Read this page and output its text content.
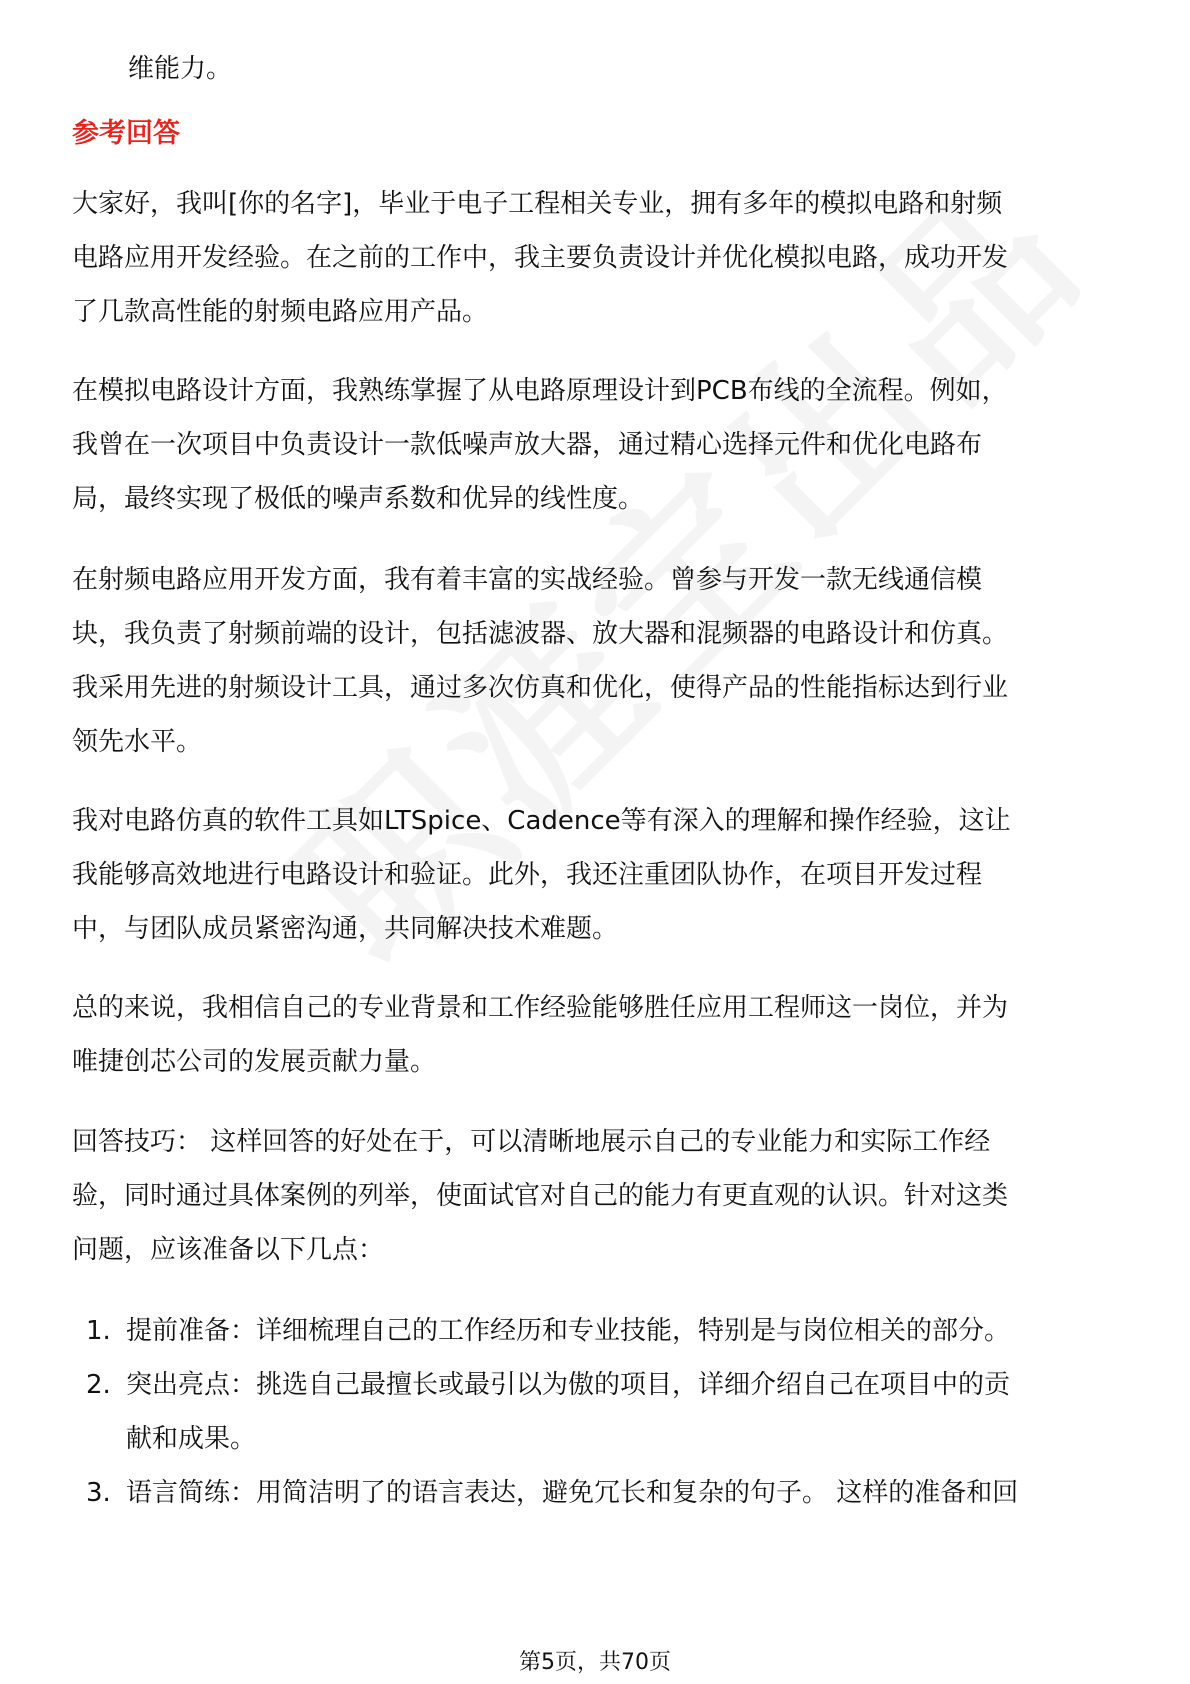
维能力。
参考回答
大家好，我叫[你的名字]，毕业于电子工程相关专业，拥有多年的模拟电路和射频
电路应用开发经验。在之前的工作中，我主要负责设计并优化模拟电路，成功开发
了几款高性能的射频电路应用产品。
在模拟电路设计方面，我熟练掌握了从电路原理设计到PCB布线的全流程。例如，
我曾在一次项目中负责设计一款低噪声放大器，通过精心选择元件和优化电路布
局，最终实现了极低的噪声系数和优异的线性度。
在射频电路应用开发方面，我有着丰富的实战经验。曾参与开发一款无线通信模
块，我负责了射频前端的设计，包括滤波器、放大器和混频器的电路设计和仿真。
我采用先进的射频设计工具，通过多次仿真和优化，使得产品的性能指标达到行业
领先水平。
我对电路仿真的软件工具如LTSpice、Cadence等有深入的理解和操作经验，这让
我能够高效地进行电路设计和验证。此外，我还注重团队协作，在项目开发过程
中，与团队成员紧密沟通，共同解决技术难题。
总的来说，我相信自己的专业背景和工作经验能够胜任应用工程师这一岗位，并为
唯捷创芯公司的发展贡献力量。
回答技巧： 这样回答的好处在于，可以清晰地展示自己的专业能力和实际工作经
验，同时通过具体案例的列举，使面试官对自己的能力有更直观的认识。针对这类
问题，应该准备以下几点：
1. 提前准备：详细梳理自己的工作经历和专业技能，特别是与岗位相关的部分。
2. 突出亮点：挑选自己最擅长或最引以为傲的项目，详细介绍自己在项目中的贡
献和成果。
3. 语言简练：用简洁明了的语言表达，避免冗长和复杂的句子。 这样的准备和回
第5页，共70页
